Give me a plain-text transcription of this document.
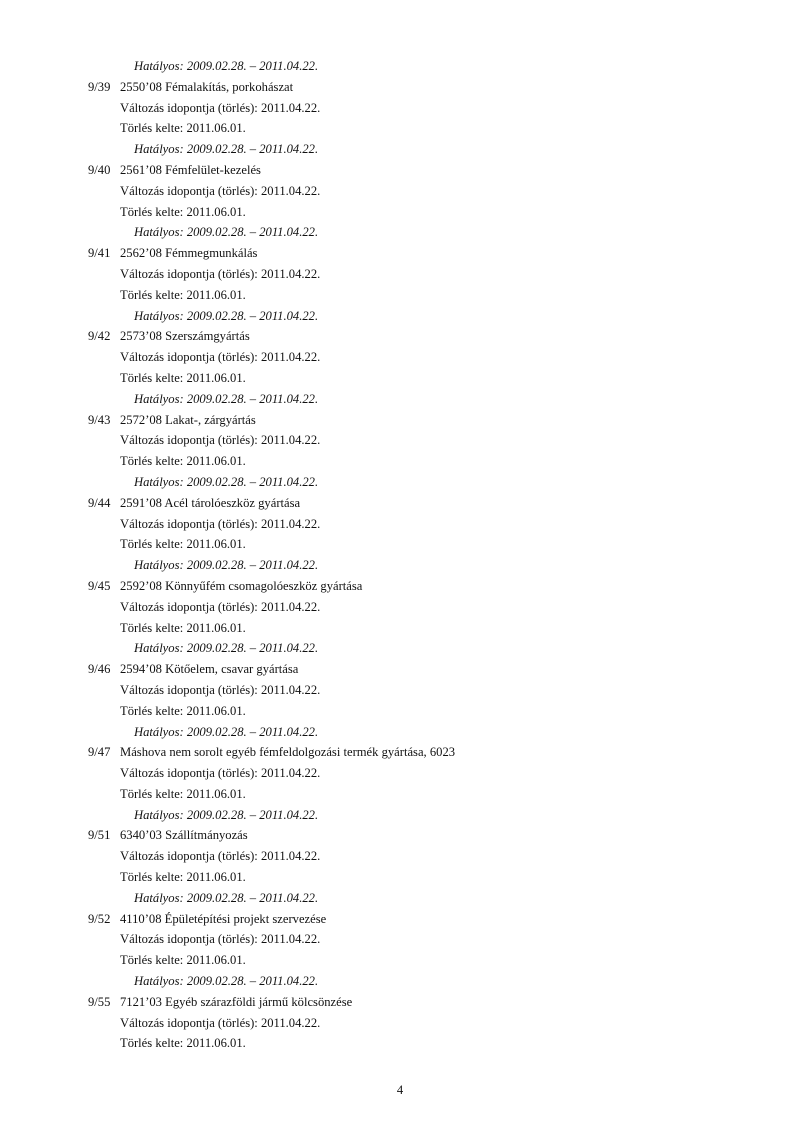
Hatályos: 2009.02.28. – 2011.04.22.
9/39 2550’08 Fémalakítás, porkohászat
Változás idopontja (törlés): 2011.04.22.
Törlés kelte: 2011.06.01.
Hatályos: 2009.02.28. – 2011.04.22.
9/40 2561’08 Fémfelület-kezelés
Változás idopontja (törlés): 2011.04.22.
Törlés kelte: 2011.06.01.
Hatályos: 2009.02.28. – 2011.04.22.
9/41 2562’08 Fémmegmunkálás
Változás idopontja (törlés): 2011.04.22.
Törlés kelte: 2011.06.01.
Hatályos: 2009.02.28. – 2011.04.22.
9/42 2573’08 Szerszámgyártás
Változás idopontja (törlés): 2011.04.22.
Törlés kelte: 2011.06.01.
Hatályos: 2009.02.28. – 2011.04.22.
9/43 2572’08 Lakat-, zárgyártás
Változás idopontja (törlés): 2011.04.22.
Törlés kelte: 2011.06.01.
Hatályos: 2009.02.28. – 2011.04.22.
9/44 2591’08 Acél tárolóeszköz gyártása
Változás idopontja (törlés): 2011.04.22.
Törlés kelte: 2011.06.01.
Hatályos: 2009.02.28. – 2011.04.22.
9/45 2592’08 Könnyűfém csomagolóeszköz gyártása
Változás idopontja (törlés): 2011.04.22.
Törlés kelte: 2011.06.01.
Hatályos: 2009.02.28. – 2011.04.22.
9/46 2594’08 Kötőelem, csavar gyártása
Változás idopontja (törlés): 2011.04.22.
Törlés kelte: 2011.06.01.
Hatályos: 2009.02.28. – 2011.04.22.
9/47 Máshova nem sorolt egyéb fémfeldolgozási termék gyártása, 6023
Változás idopontja (törlés): 2011.04.22.
Törlés kelte: 2011.06.01.
Hatályos: 2009.02.28. – 2011.04.22.
9/51 6340’03 Szállítmányozás
Változás idopontja (törlés): 2011.04.22.
Törlés kelte: 2011.06.01.
Hatályos: 2009.02.28. – 2011.04.22.
9/52 4110’08 Épületépítési projekt szervezése
Változás idopontja (törlés): 2011.04.22.
Törlés kelte: 2011.06.01.
Hatályos: 2009.02.28. – 2011.04.22.
9/55 7121’03 Egyéb szárazföldi jármű kölcsönzése
Változás idopontja (törlés): 2011.04.22.
Törlés kelte: 2011.06.01.
4
